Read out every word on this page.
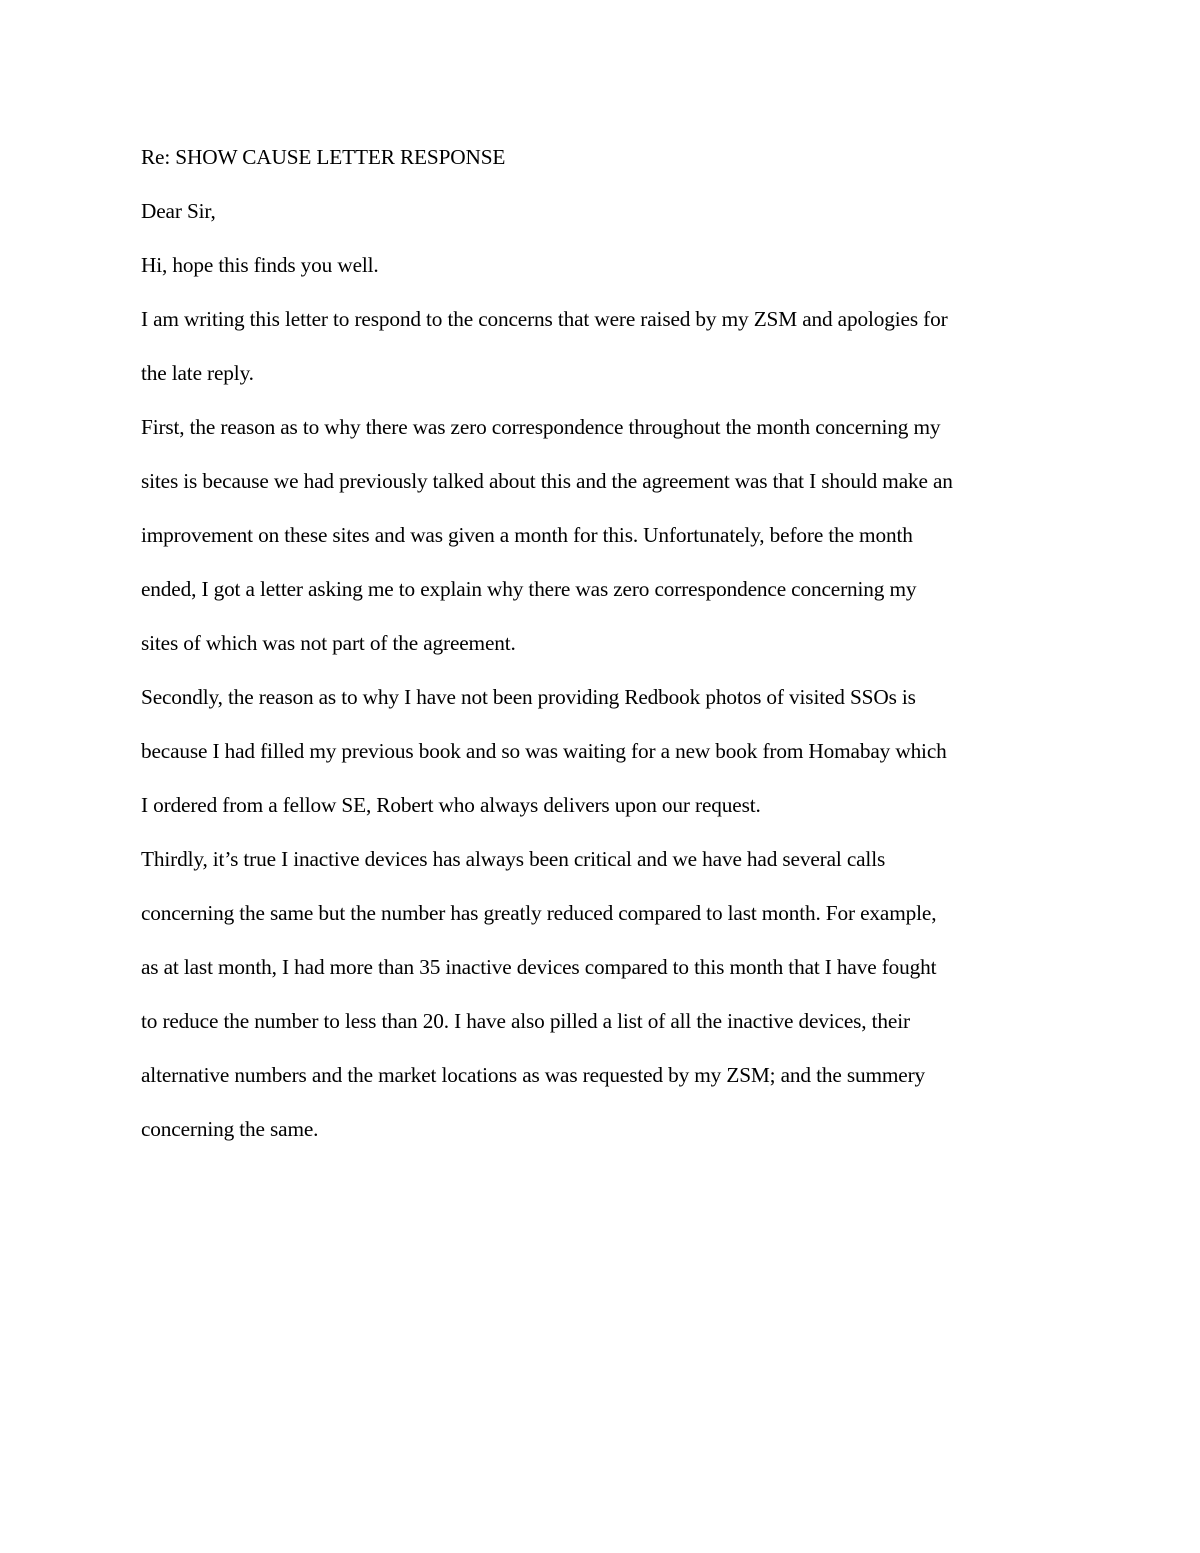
Re: SHOW CAUSE LETTER RESPONSE
Dear Sir,
Hi, hope this finds you well.
I am writing this letter to respond to the concerns that were raised by my ZSM and apologies for
the late reply.
First, the reason as to why there was zero correspondence throughout the month concerning my
sites is because we had previously talked about this and the agreement was that I should make an
improvement on these sites and was given a month for this. Unfortunately, before the month
ended, I got a letter asking me to explain why there was zero correspondence concerning my
sites of which was not part of the agreement.
Secondly, the reason as to why I have not been providing Redbook photos of visited SSOs is
because I had filled my previous book and so was waiting for a new book from Homabay which
I ordered from a fellow SE, Robert who always delivers upon our request.
Thirdly, it’s true I inactive devices has always been critical and we have had several calls
concerning the same but the number has greatly reduced compared to last month. For example,
as at last month, I had more than 35 inactive devices compared to this month that I have fought
to reduce the number to less than 20. I have also pilled a list of all the inactive devices, their
alternative numbers and the market locations as was requested by my ZSM; and the summery
concerning the same.
